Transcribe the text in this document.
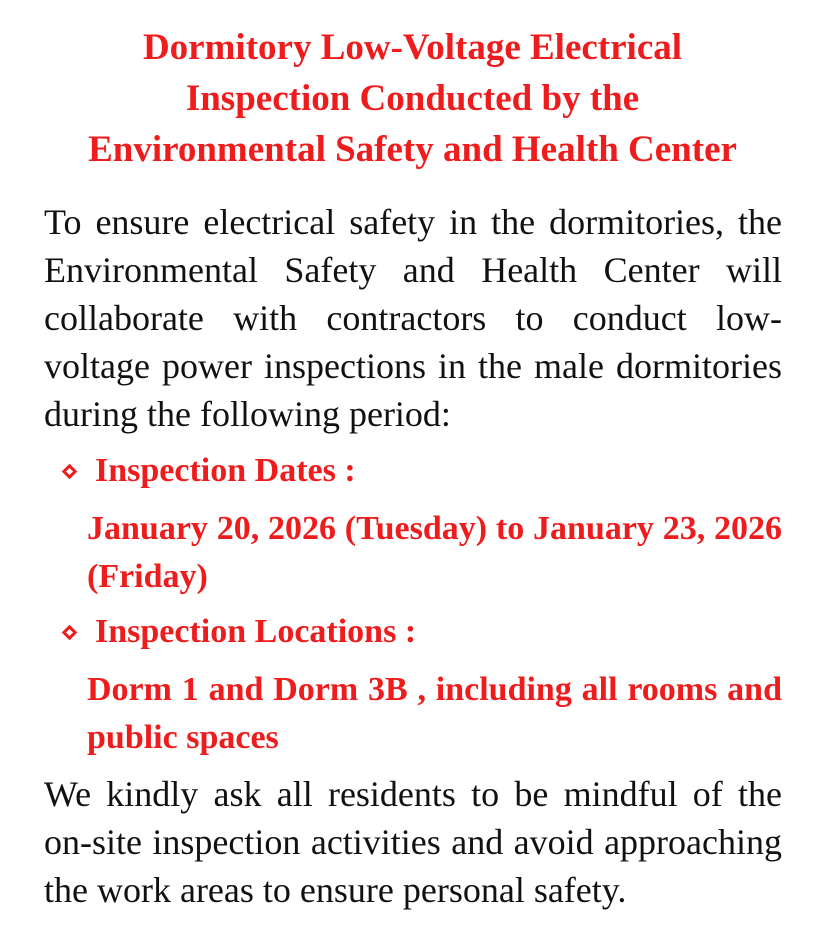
Dormitory Low-Voltage Electrical
Inspection Conducted by the
Environmental Safety and Health Center

To ensure electrical safety in the dormitories, the Environmental Safety and Health Center will collaborate with contractors to conduct low-voltage power inspections in the male dormitories during the following period:

Inspection Dates :

January 20, 2026 (Tuesday) to January 23, 2026 (Friday)

Inspection Locations :

Dorm 1 and Dorm 3B , including all rooms and public spaces

We kindly ask all residents to be mindful of the on-site inspection activities and avoid approaching the work areas to ensure personal safety.
